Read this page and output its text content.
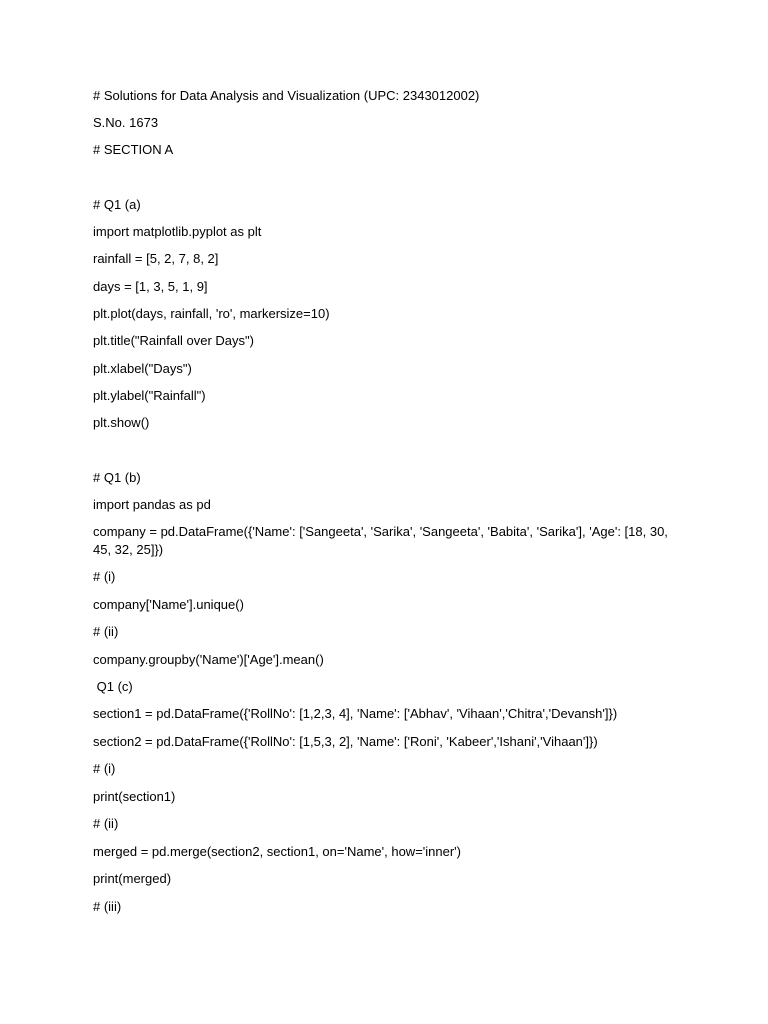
# Solutions for Data Analysis and Visualization (UPC: 2343012002)
S.No. 1673
# SECTION A
# Q1 (a)
import matplotlib.pyplot as plt
rainfall = [5, 2, 7, 8, 2]
days = [1, 3, 5, 1, 9]
plt.plot(days, rainfall, 'ro', markersize=10)
plt.title("Rainfall over Days")
plt.xlabel("Days")
plt.ylabel("Rainfall")
plt.show()
# Q1 (b)
import pandas as pd
company = pd.DataFrame({'Name': ['Sangeeta', 'Sarika', 'Sangeeta', 'Babita', 'Sarika'], 'Age': [18, 30, 45, 32, 25]})
# (i)
company['Name'].unique()
# (ii)
company.groupby('Name')['Age'].mean()
Q1 (c)
section1 = pd.DataFrame({'RollNo': [1,2,3, 4], 'Name': ['Abhav', 'Vihaan','Chitra','Devansh']})
section2 = pd.DataFrame({'RollNo': [1,5,3, 2], 'Name': ['Roni', 'Kabeer','Ishani','Vihaan']})
# (i)
print(section1)
# (ii)
merged = pd.merge(section2, section1, on='Name', how='inner')
print(merged)
# (iii)
